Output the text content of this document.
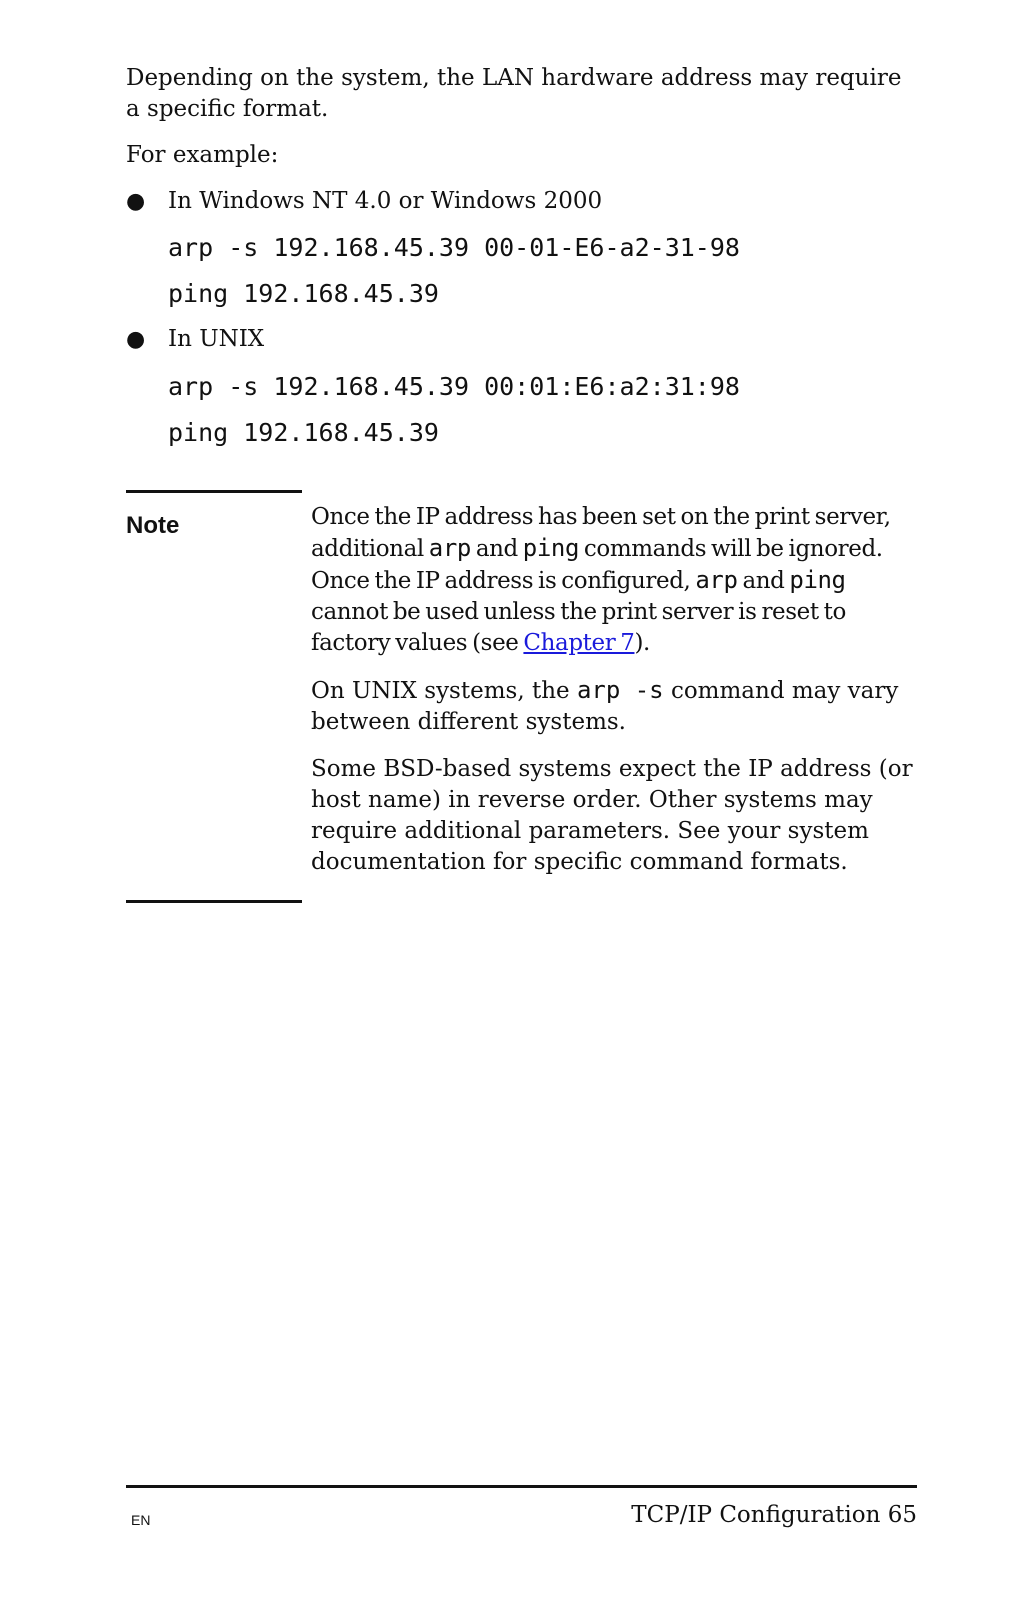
Depending on the system, the LAN hardware address may require a specific format.

For example:

● In Windows NT 4.0 or Windows 2000
arp -s 192.168.45.39 00-01-E6-a2-31-98
ping 192.168.45.39
● In UNIX
arp -s 192.168.45.39 00:01:E6:a2:31:98
ping 192.168.45.39
Note	Once the IP address has been set on the print server, additional arp and ping commands will be ignored. Once the IP address is configured, arp and ping cannot be used unless the print server is reset to factory values (see Chapter 7).

On UNIX systems, the arp -s command may vary between different systems.

Some BSD-based systems expect the IP address (or host name) in reverse order. Other systems may require additional parameters. See your system documentation for specific command formats.

EN	TCP/IP Configuration 65
